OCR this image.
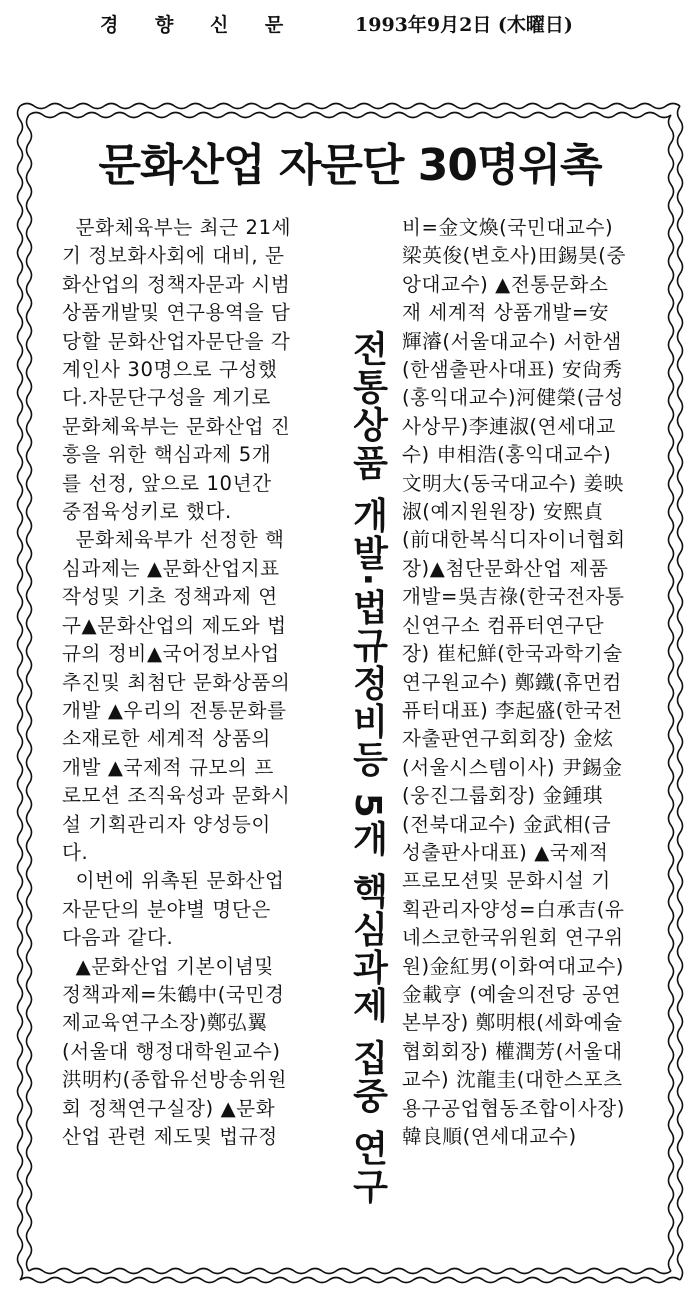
경 향 신 문	1993年9月2日 (木曜日)
문화산업 자문단 30명위촉
문화체육부는 최근 21세
기 정보화사회에 대비, 문
화산업의 정책자문과 시범
상품개발및 연구용역을 담
당할 문화산업자문단을 각
계인사 30명으로 구성했
다.자문단구성을 계기로
문화체육부는 문화산업 진
흥을 위한 핵심과제 5개
를 선정, 앞으로 10년간
중점육성키로 했다.
문화체육부가 선정한 핵
심과제는 ▲문화산업지표
작성및 기초 정책과제 연
구▲문화산업의 제도와 법
규의 정비▲국어정보사업
추진및 최첨단 문화상품의
개발 ▲우리의 전통문화를
소재로한 세계적 상품의
개발 ▲국제적 규모의 프
로모션 조직육성과 문화시
설 기획관리자 양성등이
다.
이번에 위촉된 문화산업
자문단의 분야별 명단은
다음과 같다.
▲문화산업 기본이념및
정책과제=朱鶴中(국민경
제교육연구소장)鄭弘翼
(서울대 행정대학원교수)
洪明杓(종합유선방송위원
회 정책연구실장) ▲문화
산업 관련 제도및 법규정	전통상품 개발·법규정비등 5개 핵심과제 집중 연구
비=金文煥(국민대교수)
梁英俊(변호사)田錫昊(중
앙대교수) ▲전통문화소
재 세계적 상품개발=安
輝濬(서울대교수) 서한샘
(한샘출판사대표) 安尙秀
(홍익대교수)河健榮(금성
사상무)李連淑(연세대교
수) 申相浩(홍익대교수)
文明大(동국대교수) 姜映
淑(예지원원장) 安熙貞
(前대한복식디자이너협회
장)▲첨단문화산업 제품
개발=吳吉祿(한국전자통
신연구소 컴퓨터연구단
장) 崔杞鮮(한국과학기술
연구원교수) 鄭鐵(휴먼컴
퓨터대표) 李起盛(한국전
자출판연구회회장) 金炫
(서울시스템이사) 尹錫金
(웅진그룹회장) 金鍾琪
(전북대교수) 金武相(금
성출판사대표) ▲국제적
프로모션및 문화시설 기
획관리자양성=白承吉(유
네스코한국위원회 연구위
원)金紅男(이화여대교수)
金載亨 (예술의전당 공연
본부장) 鄭明根(세화예술
협회회장) 權潤芳(서울대
교수) 沈龍圭(대한스포츠
용구공업협동조합이사장)
韓良順(연세대교수)
